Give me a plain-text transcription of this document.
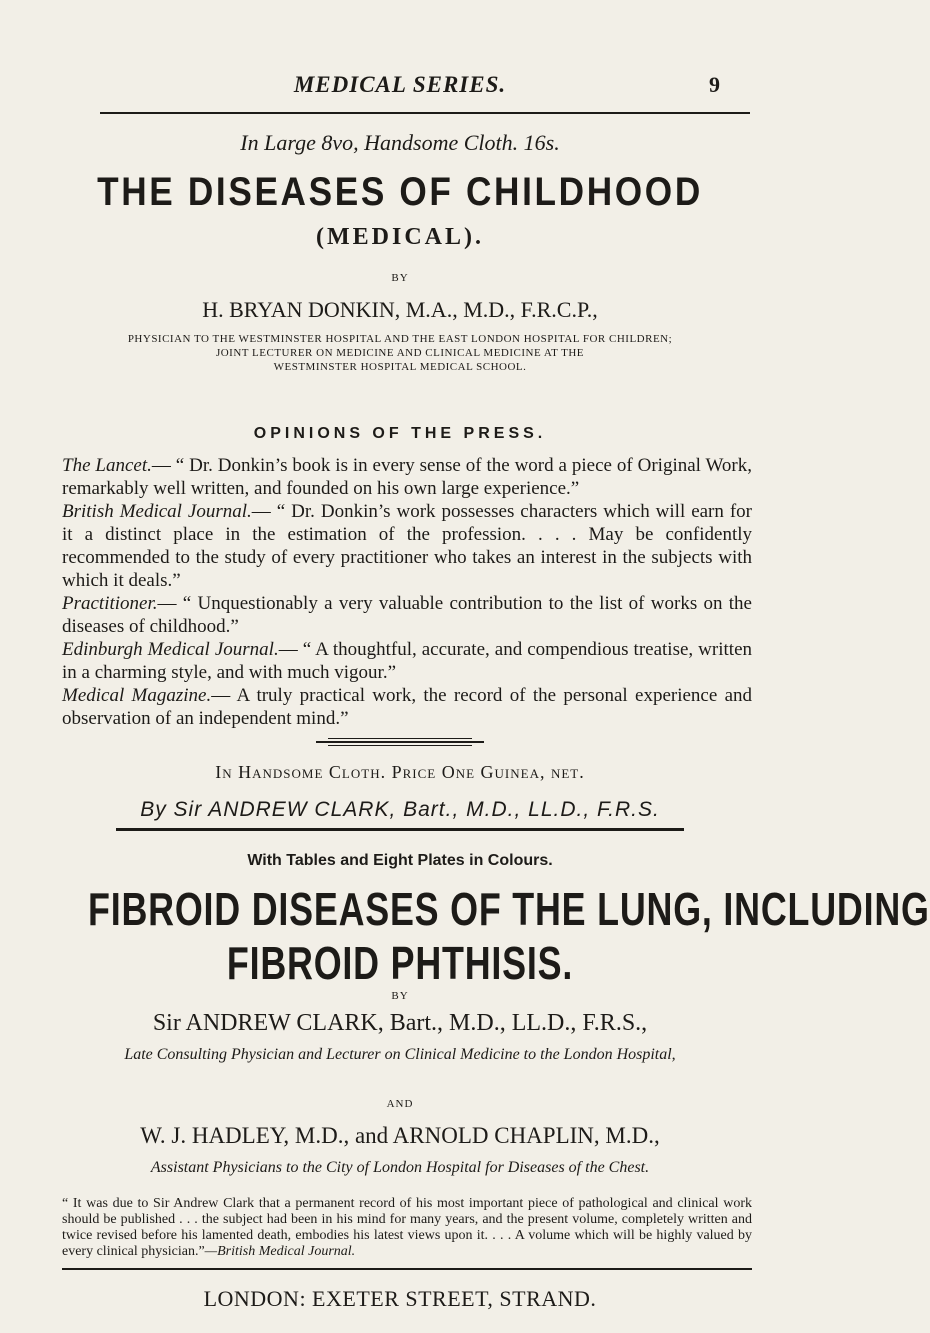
MEDICAL SERIES.	9
In Large 8vo, Handsome Cloth. 16s.
THE DISEASES OF CHILDHOOD
(MEDICAL).
BY
H. BRYAN DONKIN, M.A., M.D., F.R.C.P.,
PHYSICIAN TO THE WESTMINSTER HOSPITAL AND THE EAST LONDON HOSPITAL FOR CHILDREN;
JOINT LECTURER ON MEDICINE AND CLINICAL MEDICINE AT THE
WESTMINSTER HOSPITAL MEDICAL SCHOOL.
OPINIONS OF THE PRESS.
The Lancet.— “ Dr. Donkin’s book is in every sense of the word a piece of Original Work, remarkably well written, and founded on his own large experience.”
British Medical Journal.— “ Dr. Donkin’s work possesses characters which will earn for it a distinct place in the estimation of the profession. . . . May be confidently recommended to the study of every practitioner who takes an interest in the subjects with which it deals.”
Practitioner.— “ Unquestionably a very valuable contribution to the list of works on the diseases of childhood.”
Edinburgh Medical Journal.— “ A thoughtful, accurate, and compendious treatise, written in a charming style, and with much vigour.”
Medical Magazine.— A truly practical work, the record of the personal experience and observation of an independent mind.”
In Handsome Cloth. Price One Guinea, net.
By Sir ANDREW CLARK, Bart., M.D., LL.D., F.R.S.
With Tables and Eight Plates in Colours.
FIBROID DISEASES OF THE LUNG, INCLUDING
FIBROID PHTHISIS.
BY
Sir ANDREW CLARK, Bart., M.D., LL.D., F.R.S.,
Late Consulting Physician and Lecturer on Clinical Medicine to the London Hospital,
AND
W. J. HADLEY, M.D., and ARNOLD CHAPLIN, M.D.,
Assistant Physicians to the City of London Hospital for Diseases of the Chest.
“ It was due to Sir Andrew Clark that a permanent record of his most important piece of pathological and clinical work should be published . . . the subject had been in his mind for many years, and the present volume, completely written and twice revised before his lamented death, embodies his latest views upon it. . . . A volume which will be highly valued by every clinical physician.”—British Medical Journal.
LONDON: EXETER STREET, STRAND.
